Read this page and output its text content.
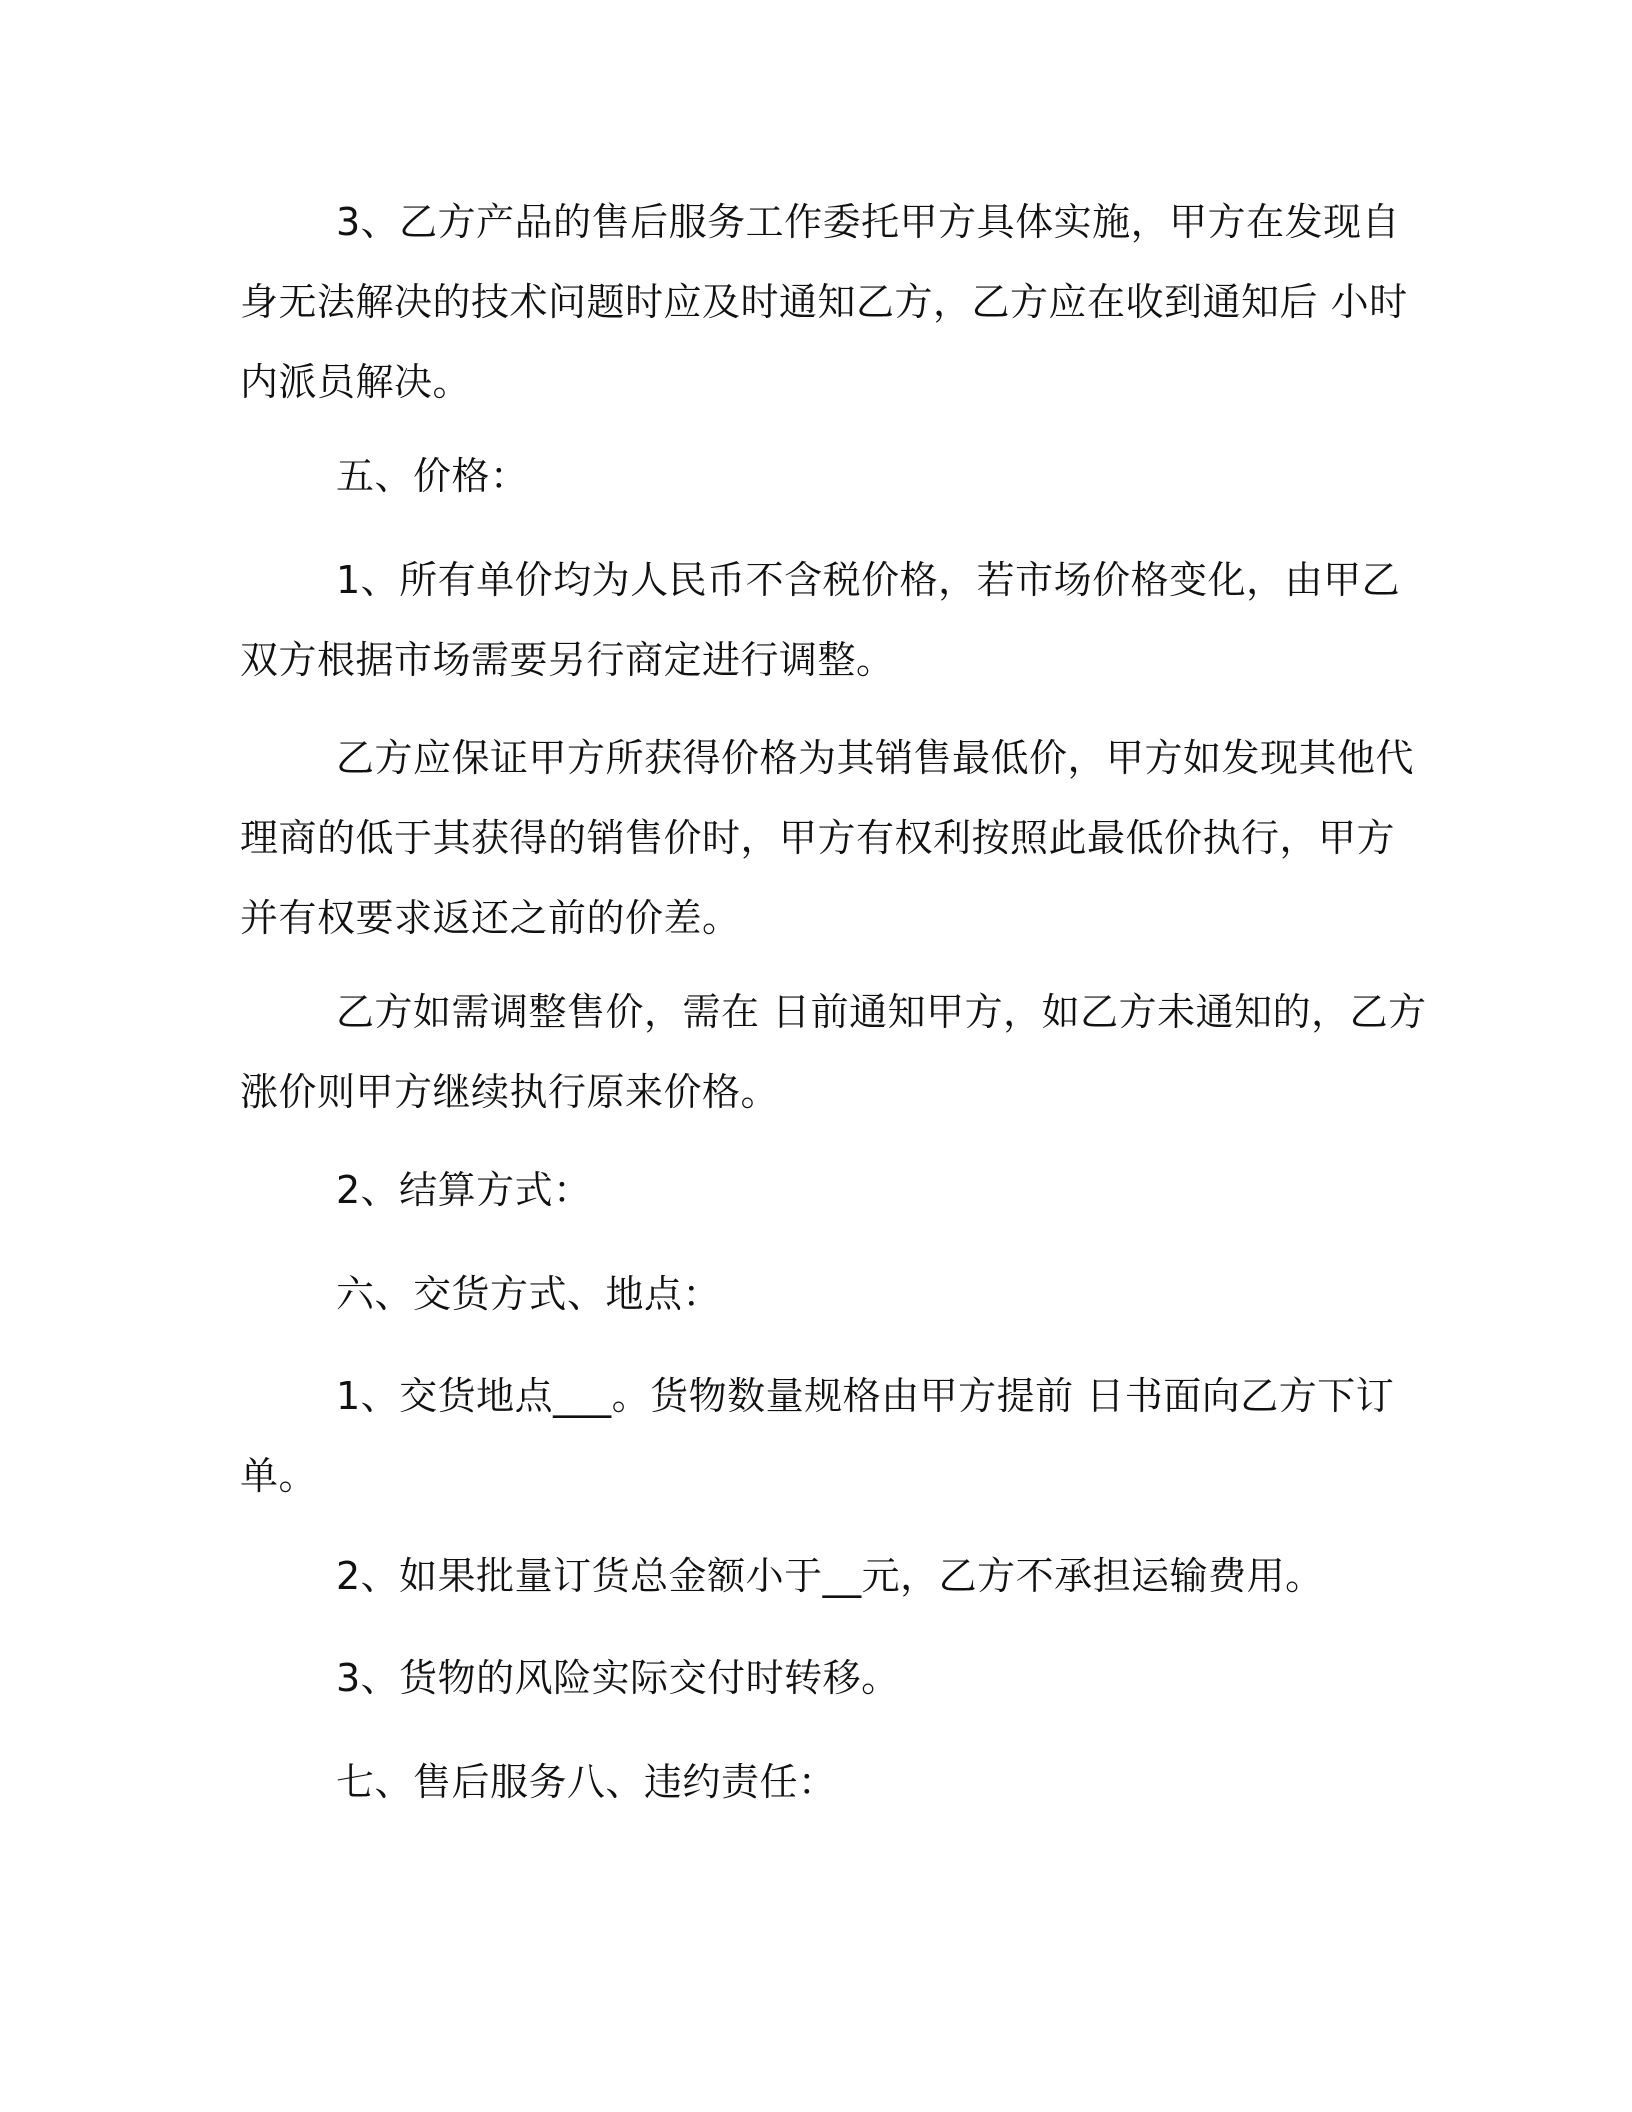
3、乙方产品的售后服务工作委托甲方具体实施，甲方在发现自
身无法解决的技术问题时应及时通知乙方，乙方应在收到通知后 小时
内派员解决。

五、价格：

1、所有单价均为人民币不含税价格，若市场价格变化，由甲乙
双方根据市场需要另行商定进行调整。

乙方应保证甲方所获得价格为其销售最低价，甲方如发现其他代
理商的低于其获得的销售价时，甲方有权利按照此最低价执行，甲方
并有权要求返还之前的价差。

乙方如需调整售价，需在 日前通知甲方，如乙方未通知的，乙方
涨价则甲方继续执行原来价格。

2、结算方式：

六、交货方式、地点：

1、交货地点___。货物数量规格由甲方提前 日书面向乙方下订
单。

2、如果批量订货总金额小于__元，乙方不承担运输费用。

3、货物的风险实际交付时转移。

七、售后服务八、违约责任：
